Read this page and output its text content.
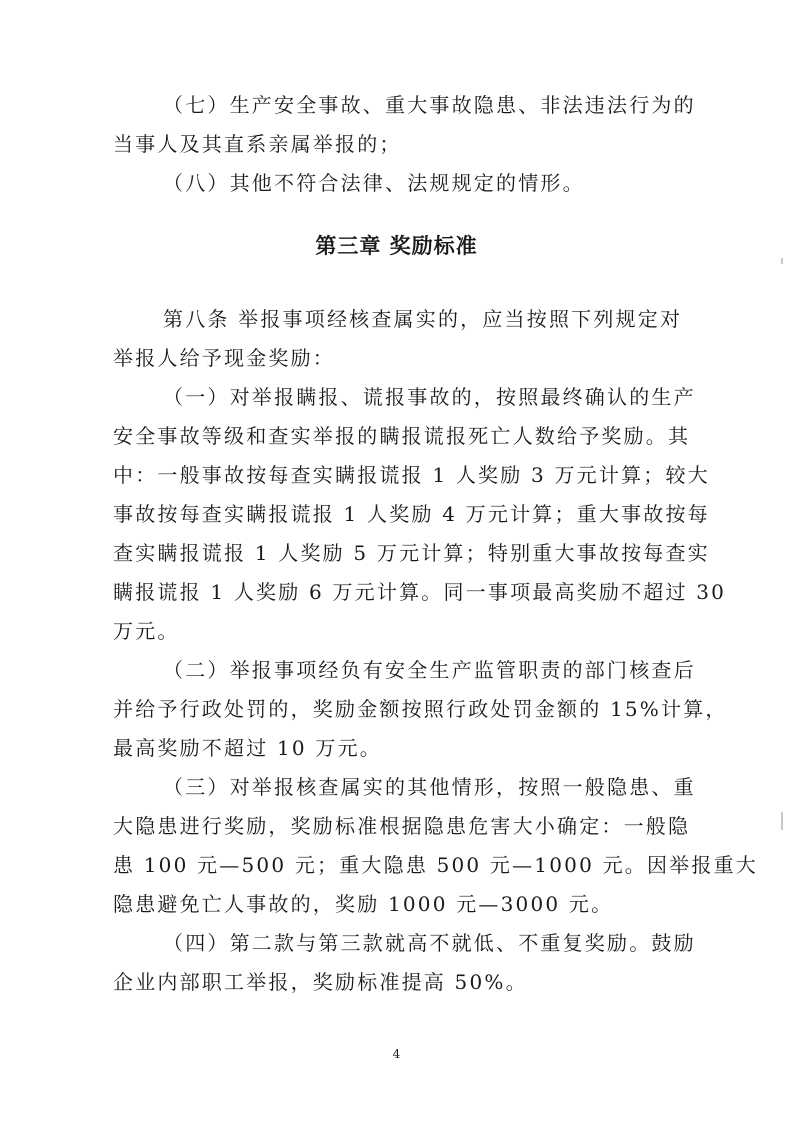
（七）生产安全事故、重大事故隐患、非法违法行为的
当事人及其直系亲属举报的；
（八）其他不符合法律、法规规定的情形。
第三章 奖励标准
第八条 举报事项经核查属实的，应当按照下列规定对
举报人给予现金奖励：
（一）对举报瞒报、谎报事故的，按照最终确认的生产
安全事故等级和查实举报的瞒报谎报死亡人数给予奖励。其
中：一般事故按每查实瞒报谎报 1 人奖励 3 万元计算；较大
事故按每查实瞒报谎报 1 人奖励 4 万元计算；重大事故按每
查实瞒报谎报 1 人奖励 5 万元计算；特别重大事故按每查实
瞒报谎报 1 人奖励 6 万元计算。同一事项最高奖励不超过 30
万元。
（二）举报事项经负有安全生产监管职责的部门核查后
并给予行政处罚的，奖励金额按照行政处罚金额的 15%计算，
最高奖励不超过 10 万元。
（三）对举报核查属实的其他情形，按照一般隐患、重
大隐患进行奖励，奖励标准根据隐患危害大小确定：一般隐
患 100 元—500 元；重大隐患 500 元—1000 元。因举报重大
隐患避免亡人事故的，奖励 1000 元—3000 元。
（四）第二款与第三款就高不就低、不重复奖励。鼓励
企业内部职工举报，奖励标准提高 50%。
4
